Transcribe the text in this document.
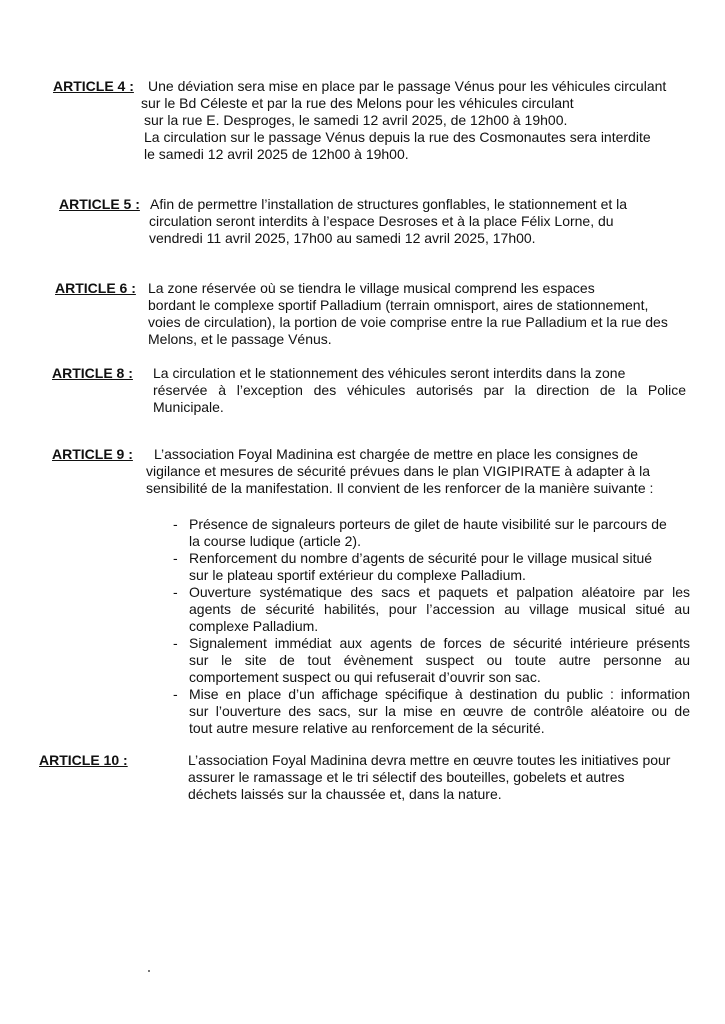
ARTICLE 4 : Une déviation sera mise en place par le passage Vénus pour les véhicules circulant
sur le Bd Céleste et par la rue des Melons pour les véhicules circulant
sur la rue E. Desproges, le samedi 12 avril 2025, de 12h00 à 19h00.
La circulation sur le passage Vénus depuis la rue des Cosmonautes sera interdite
le samedi 12 avril 2025 de 12h00 à 19h00.
ARTICLE 5 : Afin de permettre l’installation de structures gonflables, le stationnement et la
circulation seront interdits à l’espace Desroses et à la place Félix Lorne, du
vendredi 11 avril 2025, 17h00 au samedi 12 avril 2025, 17h00.
ARTICLE 6 : La zone réservée où se tiendra le village musical comprend les espaces
bordant le complexe sportif Palladium (terrain omnisport, aires de stationnement,
voies de circulation), la portion de voie comprise entre la rue Palladium et la rue des
Melons, et le passage Vénus.
ARTICLE 8 : La circulation et le stationnement des véhicules seront interdits dans la zone
réservée à l’exception des véhicules autorisés par la direction de la Police
Municipale.
ARTICLE 9 : L’association Foyal Madinina est chargée de mettre en place les consignes de
vigilance et mesures de sécurité prévues dans le plan VIGIPIRATE à adapter à la
sensibilité de la manifestation. Il convient de les renforcer de la manière suivante :
- Présence de signaleurs porteurs de gilet de haute visibilité sur le parcours de
la course ludique (article 2).
- Renforcement du nombre d’agents de sécurité pour le village musical situé
sur le plateau sportif extérieur du complexe Palladium.
- Ouverture systématique des sacs et paquets et palpation aléatoire par les
agents de sécurité habilités, pour l’accession au village musical situé au
complexe Palladium.
- Signalement immédiat aux agents de forces de sécurité intérieure présents
sur le site de tout évènement suspect ou toute autre personne au
comportement suspect ou qui refuserait d’ouvrir son sac.
- Mise en place d’un affichage spécifique à destination du public : information
sur l’ouverture des sacs, sur la mise en œuvre de contrôle aléatoire ou de
tout autre mesure relative au renforcement de la sécurité.
ARTICLE 10 :	L’association Foyal Madinina devra mettre en œuvre toutes les initiatives pour
assurer le ramassage et le tri sélectif des bouteilles, gobelets et autres
déchets laissés sur la chaussée et, dans la nature.
